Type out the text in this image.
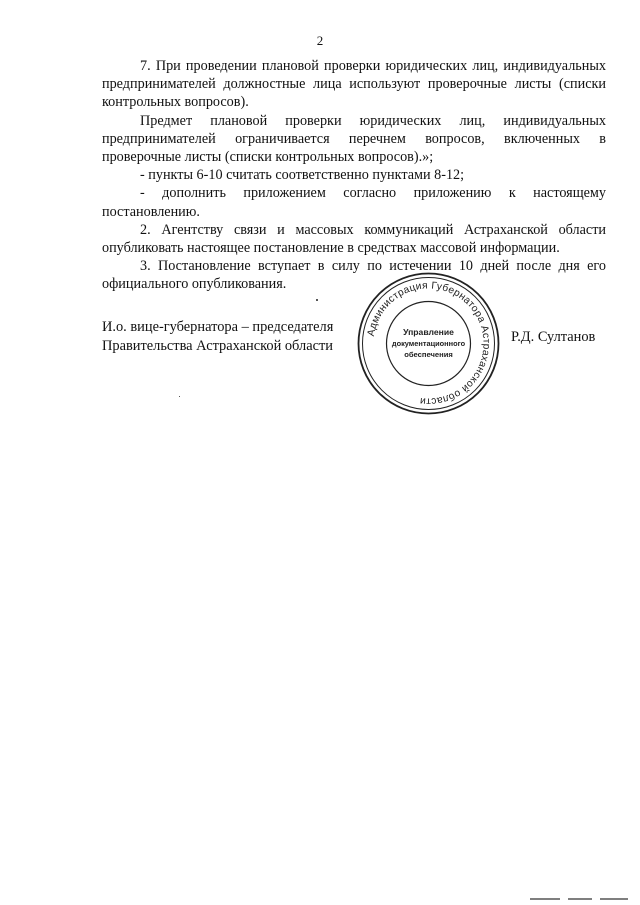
2

7. При проведении плановой проверки юридических лиц, индивидуальных предпринимателей должностные лица используют проверочные листы (списки контрольных вопросов).

Предмет плановой проверки юридических лиц, индивидуальных предпринимателей ограничивается перечнем вопросов, включенных в проверочные листы (списки контрольных вопросов).»;

- пункты 6-10 считать соответственно пунктами 8-12;

- дополнить приложением согласно приложению к настоящему постановлению.

2. Агентству связи и массовых коммуникаций Астраханской области опубликовать настоящее постановление в средствах массовой информации.

3. Постановление вступает в силу по истечении 10 дней после дня его официального опубликования.

И.о. вице-губернатора – председателя
Правительства Астраханской области
Р.Д. Султанов
Администрация Губернатора Астраханской области
Управление
документационного
обеспечения
